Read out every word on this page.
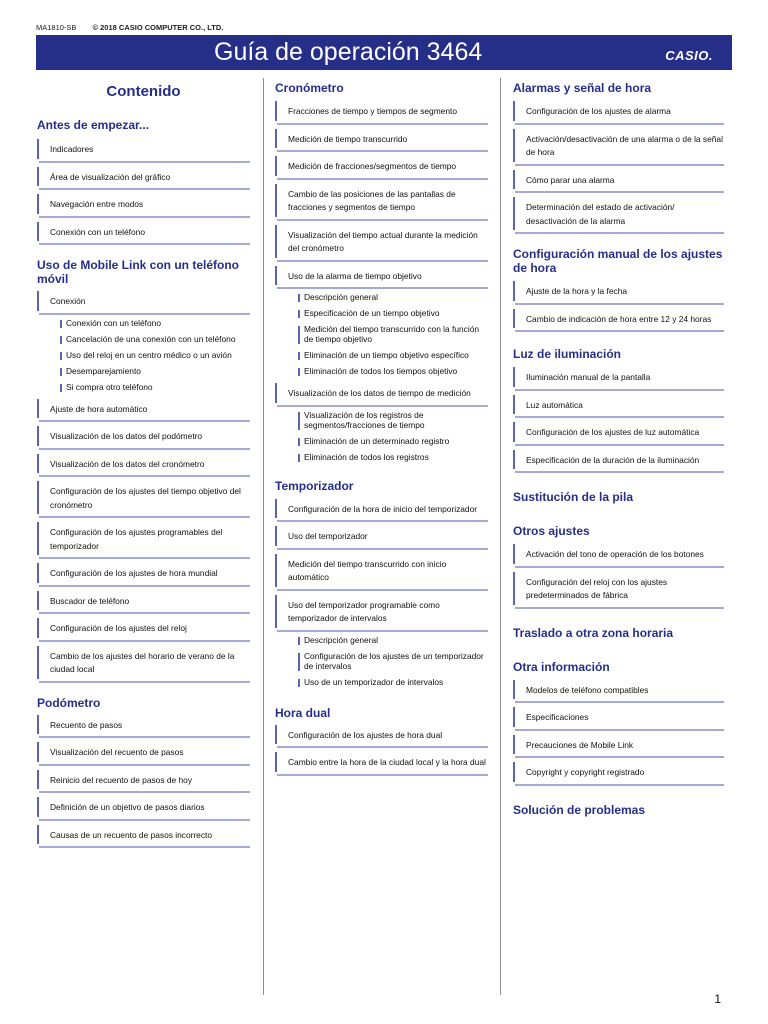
MA1810-SB © 2018 CASIO COMPUTER CO., LTD.
Guía de operación 3464	CASIO.
Contenido
Antes de empezar...
Indicadores
Área de visualización del gráfico
Navegación entre modos
Conexión con un teléfono
Uso de Mobile Link con un teléfono móvil
Conexión
Conexión con un teléfono
Cancelación de una conexión con un teléfono
Uso del reloj en un centro médico o un avión
Desemparejamiento
Si compra otro teléfono
Ajuste de hora automático
Visualización de los datos del podómetro
Visualización de los datos del cronómetro
Configuración de los ajustes del tiempo objetivo del cronómetro
Configuración de los ajustes programables del temporizador
Configuración de los ajustes de hora mundial
Buscador de teléfono
Configuración de los ajustes del reloj
Cambio de los ajustes del horario de verano de la ciudad local
Podómetro
Recuento de pasos
Visualización del recuento de pasos
Reinicio del recuento de pasos de hoy
Definición de un objetivo de pasos diarios
Causas de un recuento de pasos incorrecto
Cronómetro
Fracciones de tiempo y tiempos de segmento
Medición de tiempo transcurrido
Medición de fracciones/segmentos de tiempo
Cambio de las posiciones de las pantallas de fracciones y segmentos de tiempo
Visualización del tiempo actual durante la medición del cronómetro
Uso de la alarma de tiempo objetivo
Descripción general
Especificación de un tiempo objetivo
Medición del tiempo transcurrido con la función de tiempo objetivo
Eliminación de un tiempo objetivo específico
Eliminación de todos los tiempos objetivo
Visualización de los datos de tiempo de medición
Visualización de los registros de segmentos/fracciones de tiempo
Eliminación de un determinado registro
Eliminación de todos los registros
Temporizador
Configuración de la hora de inicio del temporizador
Uso del temporizador
Medición del tiempo transcurrido con inicio automático
Uso del temporizador programable como temporizador de intervalos
Descripción general
Configuración de los ajustes de un temporizador de intervalos
Uso de un temporizador de intervalos
Hora dual
Configuración de los ajustes de hora dual
Cambio entre la hora de la ciudad local y la hora dual
Alarmas y señal de hora
Configuración de los ajustes de alarma
Activación/desactivación de una alarma o de la señal de hora
Cómo parar una alarma
Determinación del estado de activación/ desactivación de la alarma
Configuración manual de los ajustes de hora
Ajuste de la hora y la fecha
Cambio de indicación de hora entre 12 y 24 horas
Luz de iluminación
Iluminación manual de la pantalla
Luz automática
Configuración de los ajustes de luz automática
Especificación de la duración de la iluminación
Sustitución de la pila
Otros ajustes
Activación del tono de operación de los botones
Configuración del reloj con los ajustes predeterminados de fábrica
Traslado a otra zona horaria
Otra información
Modelos de teléfono compatibles
Especificaciones
Precauciones de Mobile Link
Copyright y copyright registrado
Solución de problemas
1
